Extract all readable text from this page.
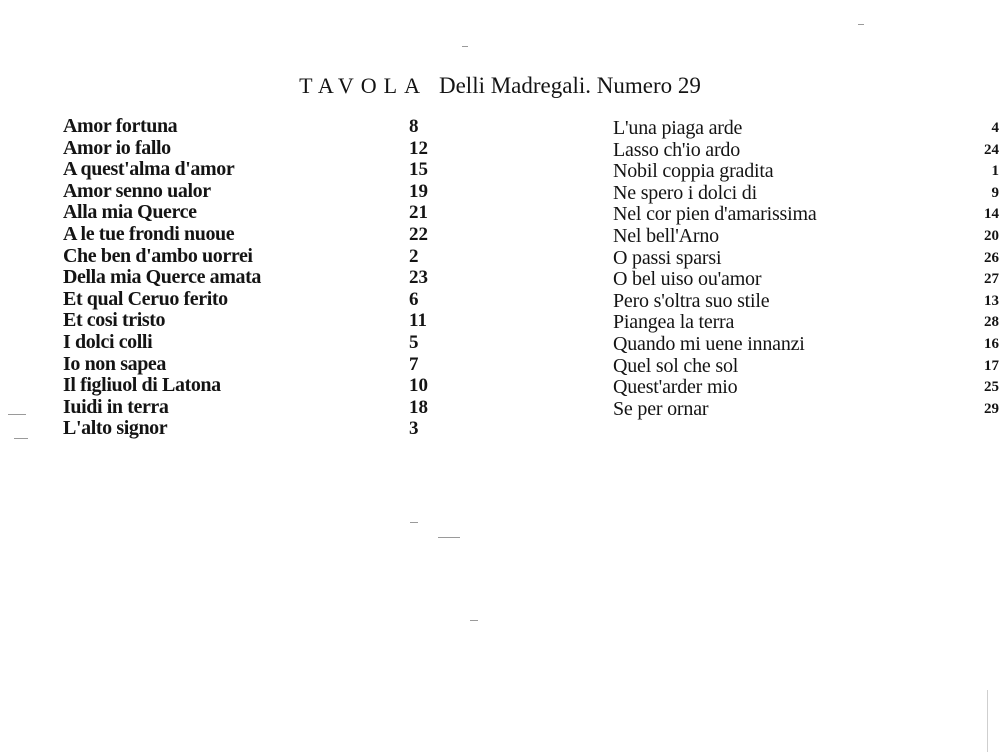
TAVOLA Delli Madregali. Numero 29
Amor fortuna	8
Amor io fallo	12
A quest'alma d'amor	15
Amor senno ualor	19
Alla mia Querce	21
A le tue frondi nuoue	22
Che ben d'ambo uorrei	2
Della mia Querce amata	23
Et qual Ceruo ferito	6
Et cosi tristo	11
I dolci colli	5
Io non sapea	7
Il figliuol di Latona	10
Iuidi in terra	18
L'alto signor	3
L'una piaga arde	4
Lasso ch'io ardo	24
Nobil coppia gradita	1
Ne spero i dolci di	9
Nel cor pien d'amarissima	14
Nel bell'Arno	20
O passi sparsi	26
O bel uiso ou'amor	27
Pero s'oltra suo stile	13
Piangea la terra	28
Quando mi uene innanzi	16
Quel sol che sol	17
Quest'arder mio	25
Se per ornar	29
